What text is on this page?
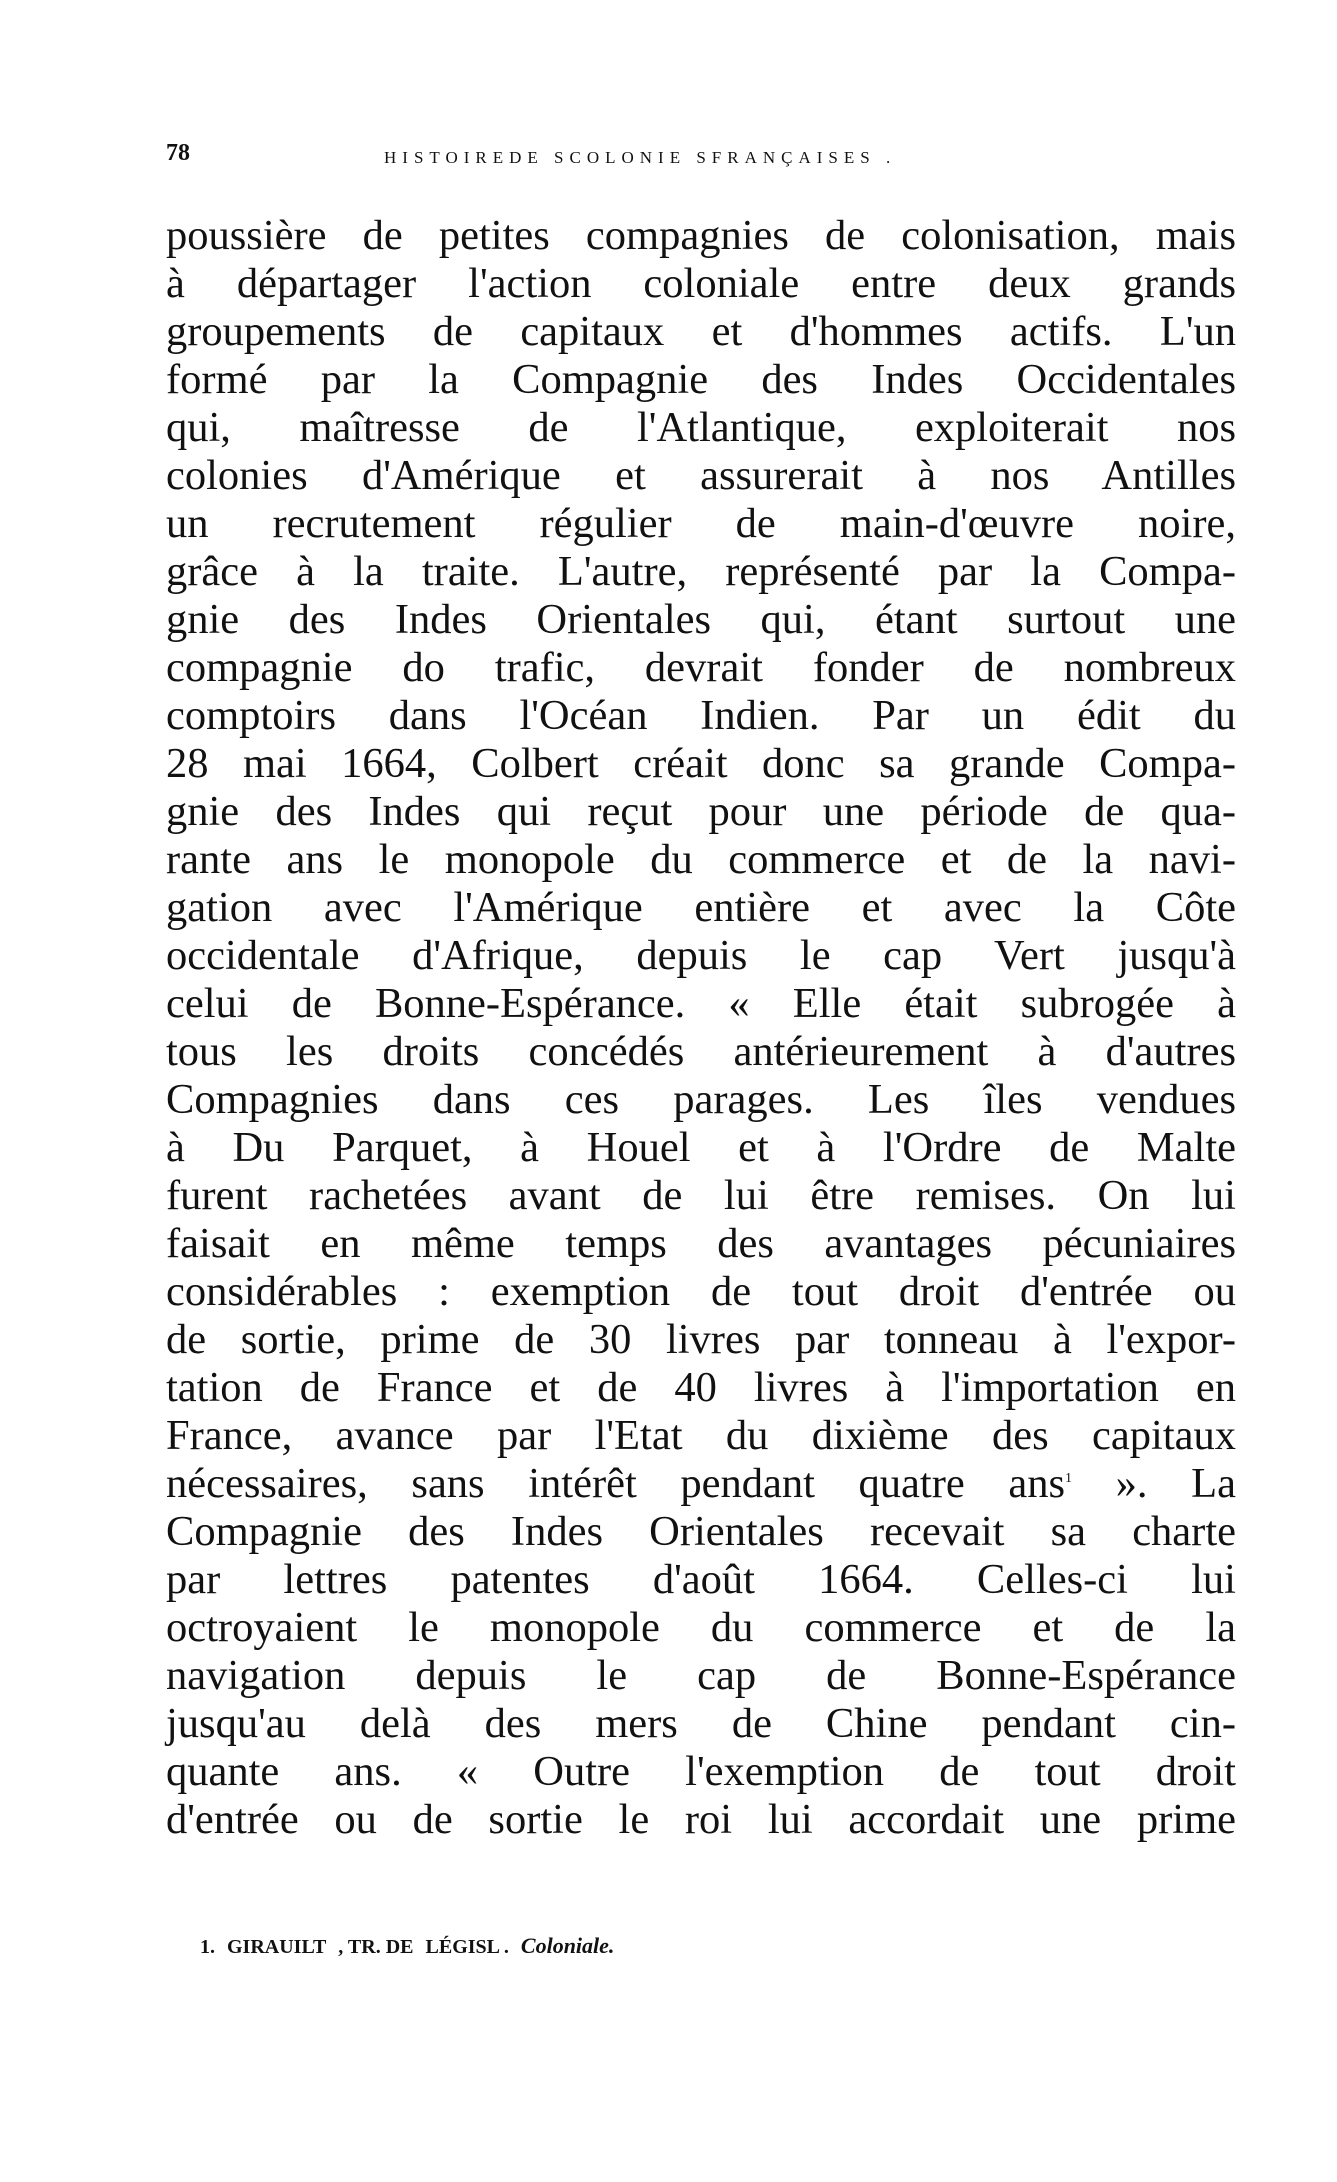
78	HISTOIREDE SCOLONIE SFRANÇAISES .
poussière de petites compagnies de colonisation, mais
à départager l'action coloniale entre deux grands
groupements de capitaux et d'hommes actifs. L'un
formé par la Compagnie des Indes Occidentales
qui, maîtresse de l'Atlantique, exploiterait nos
colonies d'Amérique et assurerait à nos Antilles
un recrutement régulier de main-d'œuvre noire,
grâce à la traite. L'autre, représenté par la Compa-
gnie des Indes Orientales qui, étant surtout une
compagnie do trafic, devrait fonder de nombreux
comptoirs dans l'Océan Indien. Par un édit du
28 mai 1664, Colbert créait donc sa grande Compa-
gnie des Indes qui reçut pour une période de qua-
rante ans le monopole du commerce et de la navi-
gation avec l'Amérique entière et avec la Côte
occidentale d'Afrique, depuis le cap Vert jusqu'à
celui de Bonne-Espérance. « Elle était subrogée à
tous les droits concédés antérieurement à d'autres
Compagnies dans ces parages. Les îles vendues
à Du Parquet, à Houel et à l'Ordre de Malte
furent rachetées avant de lui être remises. On lui
faisait en même temps des avantages pécuniaires
considérables : exemption de tout droit d'entrée ou
de sortie, prime de 30 livres par tonneau à l'expor-
tation de France et de 40 livres à l'importation en
France, avance par l'Etat du dixième des capitaux
nécessaires, sans intérêt pendant quatre ans$^1$ ». La
Compagnie des Indes Orientales recevait sa charte
par lettres patentes d'août 1664. Celles-ci lui
octroyaient le monopole du commerce et de la
navigation depuis le cap de Bonne-Espérance
jusqu'au delà des mers de Chine pendant cin-
quante ans. « Outre l'exemption de tout droit
d'entrée ou de sortie le roi lui accordait une prime
1. GIRAUILT , TR. DE LÉGISL . Coloniale.
